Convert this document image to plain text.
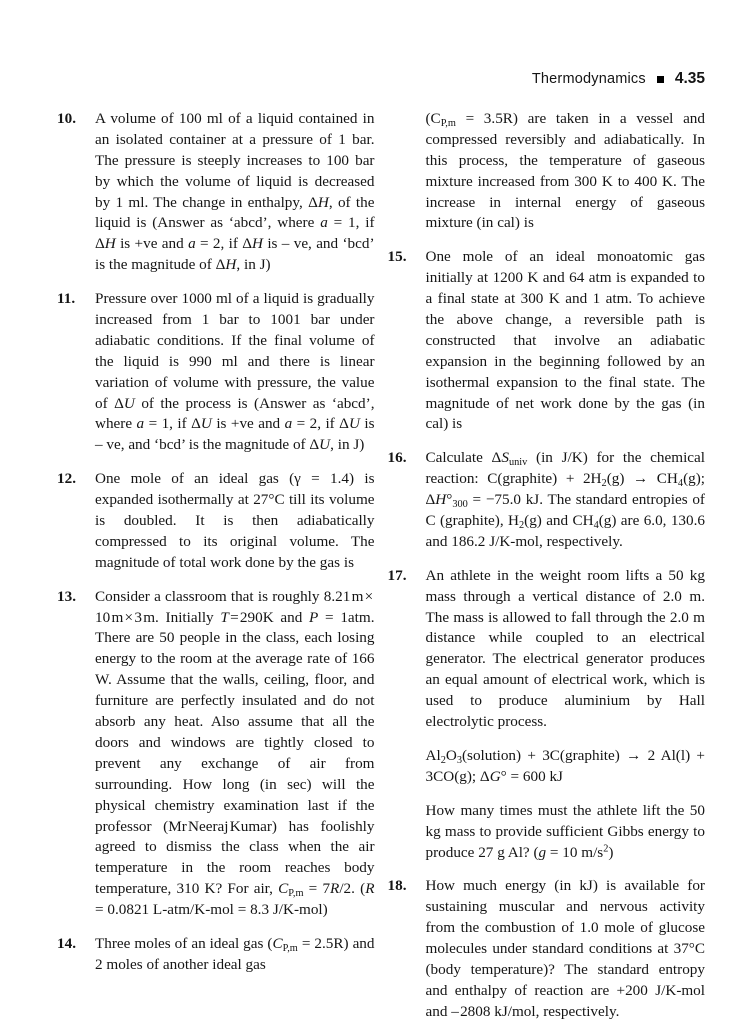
Thermodynamics 4.35
10.	A volume of 100 ml of a liquid contained in an isolated container at a pressure of 1 bar. The pressure is steeply increases to 100 bar by which the volume of liquid is decreased by 1 ml. The change in enthalpy, ΔH, of the liquid is (Answer as ‘abcd’, where a = 1, if ΔH is +ve and a = 2, if ΔH is – ve, and ‘bcd’ is the magnitude of ΔH, in J)
11.	Pressure over 1000 ml of a liquid is gradually increased from 1 bar to 1001 bar under adiabatic conditions. If the final volume of the liquid is 990 ml and there is linear variation of volume with pressure, the value of ΔU of the process is (Answer as ‘abcd’, where a = 1, if ΔU is +ve and a = 2, if ΔU is – ve, and ‘bcd’ is the magnitude of ΔU, in J)
12.	One mole of an ideal gas (γ = 1.4) is expanded isothermally at 27°C till its volume is doubled. It is then adiabatically compressed to its original volume. The magnitude of total work done by the gas is
13.	Consider a classroom that is roughly 8.21 m × 10 m × 3 m. Initially T = 290K and P = 1atm. There are 50 people in the class, each losing energy to the room at the average rate of 166 W. Assume that the walls, ceiling, floor, and furniture are perfectly insulated and do not absorb any heat. Also assume that all the doors and windows are tightly closed to prevent any exchange of air from surrounding. How long (in sec) will the physical chemistry examination last if the professor (Mr Neeraj Kumar) has foolishly agreed to dismiss the class when the air temperature in the room reaches body temperature, 310 K? For air, $C_{P,m} = 7R/2$. (R = 0.0821 L-atm/K-mol = 8.3 J/K-mol)
14.	Three moles of an ideal gas $(C_{P,m} = 2.5R)$ and 2 moles of another ideal gas
$(C_{P,m} = 3.5R)$ are taken in a vessel and compressed reversibly and adiabatically. In this process, the temperature of gaseous mixture increased from 300 K to 400 K. The increase in internal energy of gaseous mixture (in cal) is
15.	One mole of an ideal monoatomic gas initially at 1200 K and 64 atm is expanded to a final state at 300 K and 1 atm. To achieve the above change, a reversible path is constructed that involve an adiabatic expansion in the beginning followed by an isothermal expansion to the final state. The magnitude of net work done by the gas (in cal) is
16.	Calculate $\Delta S_{univ}$ (in J/K) for the chemical reaction: C(graphite) + $2H_2(g) \to CH_4(g)$; $\Delta H^\circ_{300} = -75.0$ kJ. The standard entropies of C (graphite), $H_2(g)$ and $CH_4(g)$ are 6.0, 130.6 and 186.2 J/K-mol, respectively.
17.	An athlete in the weight room lifts a 50 kg mass through a vertical distance of 2.0 m. The mass is allowed to fall through the 2.0 m distance while coupled to an electrical generator. The electrical generator produces an equal amount of electrical work, which is used to produce aluminium by Hall electrolytic process.
$Al_2O_3(solution)$ + 3C(graphite) → 2 Al(l) + 3CO(g); ΔG° = 600 kJ
How many times must the athlete lift the 50 kg mass to provide sufficient Gibbs energy to produce 27 g Al? (g = 10 $m/s^2$)
18.	How much energy (in kJ) is available for sustaining muscular and nervous activity from the combustion of 1.0 mole of glucose molecules under standard conditions at 37°C (body temperature)? The standard entropy and enthalpy of reaction are +200 J/K-mol and – 2808 kJ/mol, respectively.
